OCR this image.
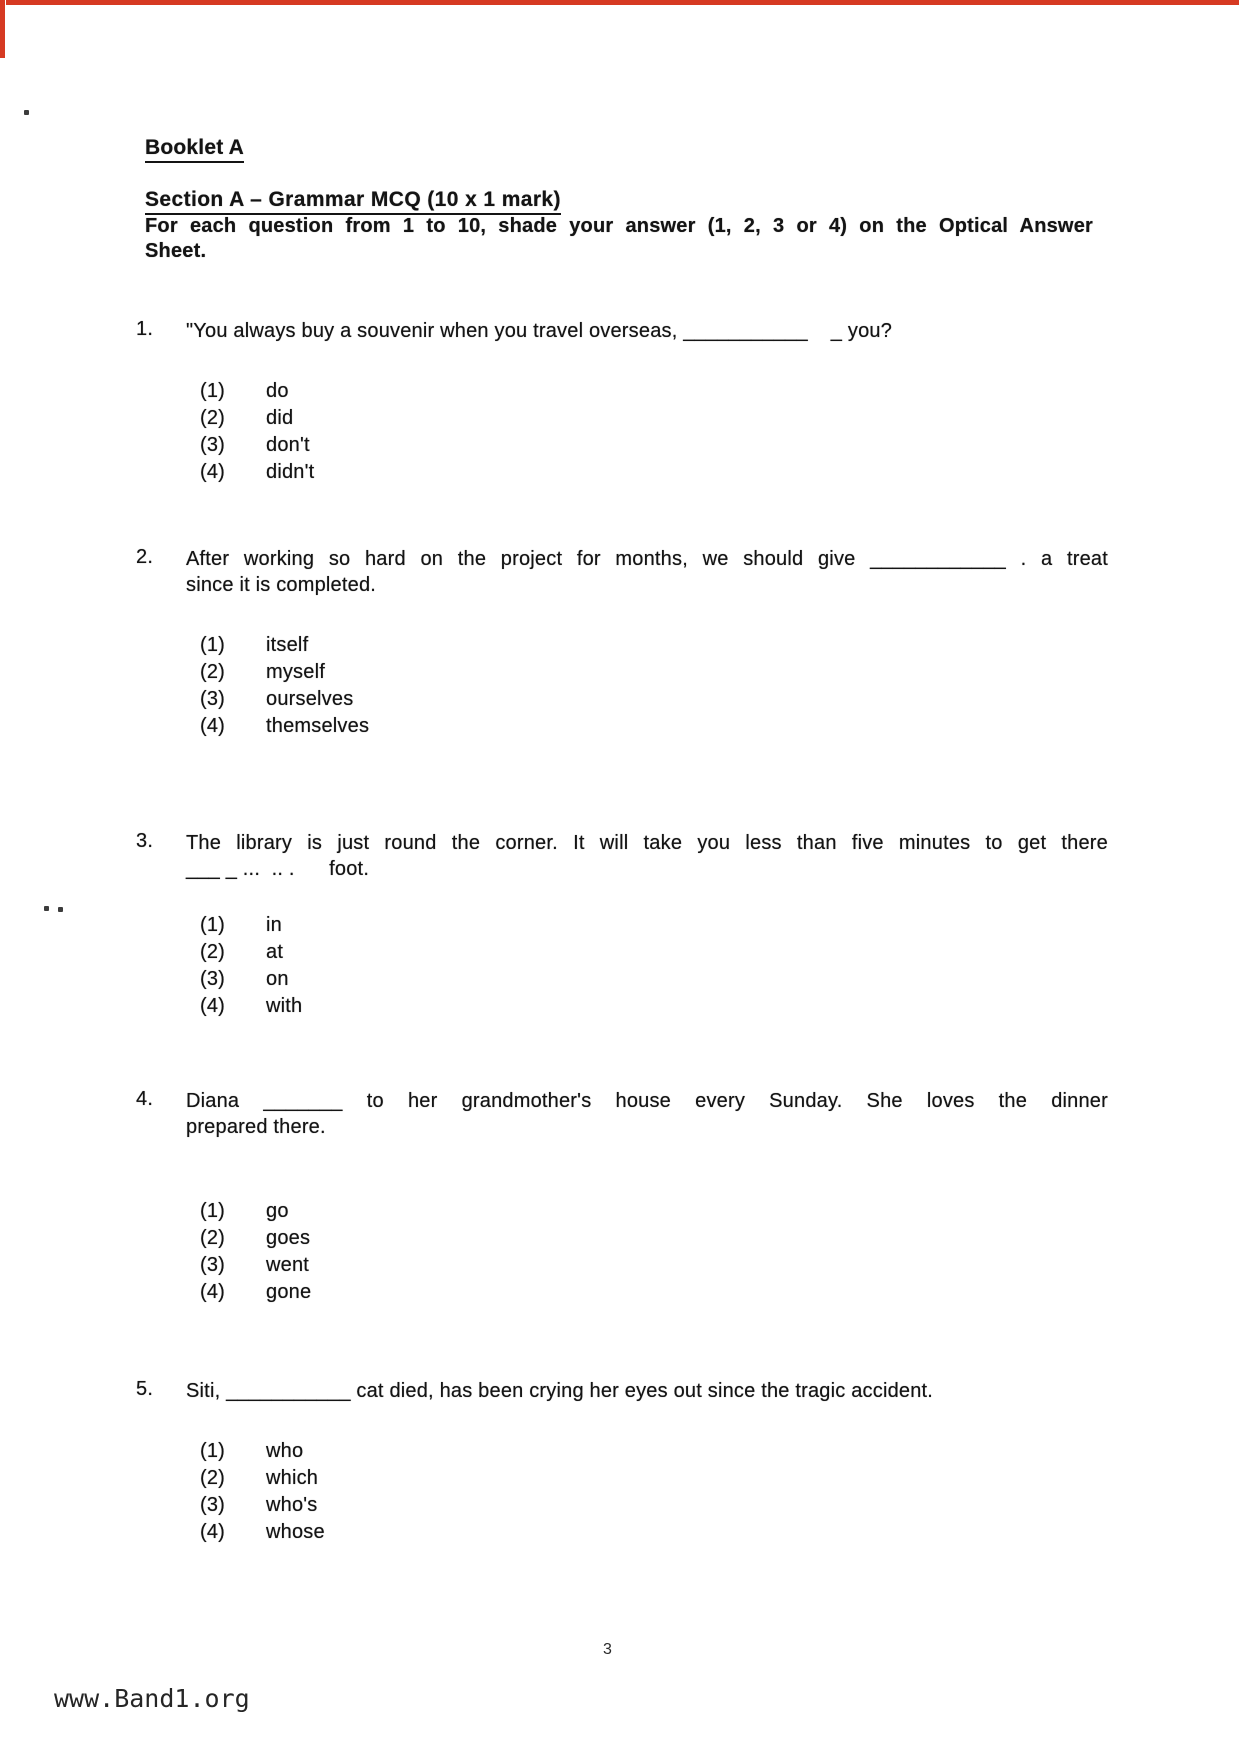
Booklet A
Section A – Grammar MCQ (10 x 1 mark)
For each question from 1 to 10, shade your answer (1, 2, 3 or 4) on the Optical Answer
Sheet.
1. "You always buy a souvenir when you travel overseas, ___________    _ you?
(1)	do
(2)	did
(3)	don't
(4)	didn't
2. After working so hard on the project for months, we should give ____________ . a treat
since it is completed.
(1)	itself
(2)	myself
(3)	ourselves
(4)	themselves
3. The library is just round the corner. It will take you less than five minutes to get there
___ _ ...  .. .      foot.
(1)	in
(2)	at
(3)	on
(4)	with
4. Diana _______ to her grandmother's house every Sunday. She loves the dinner
prepared there.
(1)	go
(2)	goes
(3)	went
(4)	gone
5. Siti, ___________ cat died, has been crying her eyes out since the tragic accident.
(1)	who
(2)	which
(3)	who's
(4)	whose
3
www.Band1.org
